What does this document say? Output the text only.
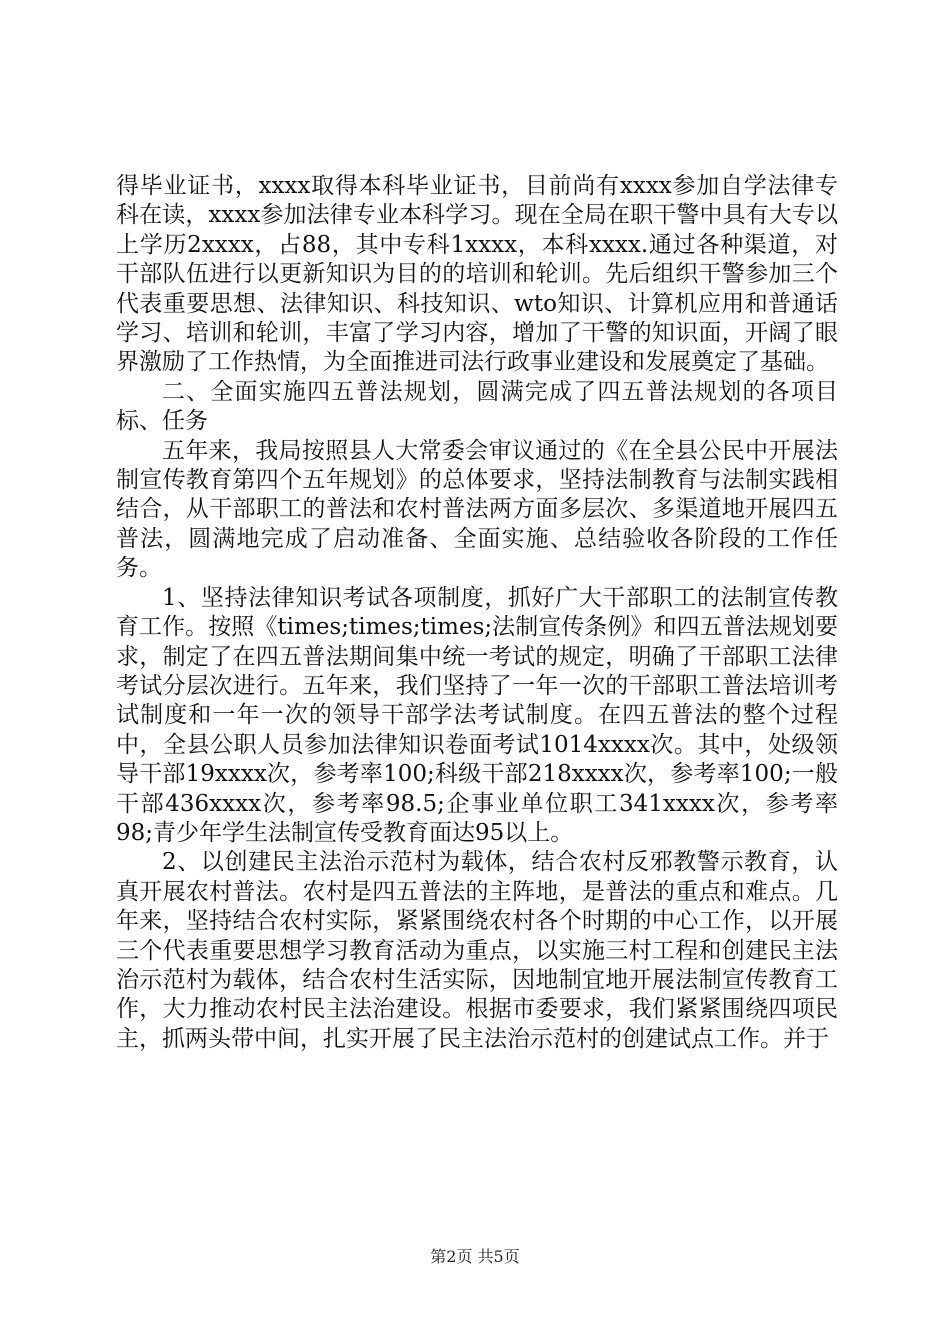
得毕业证书，xxxx取得本科毕业证书，目前尚有xxxx参加自学法律专科在读，xxxx参加法律专业本科学习。现在全局在职干警中具有大专以上学历2xxxx，占88，其中专科1xxxx，本科xxxx.通过各种渠道，对干部队伍进行以更新知识为目的的培训和轮训。先后组织干警参加三个代表重要思想、法律知识、科技知识、wto知识、计算机应用和普通话学习、培训和轮训，丰富了学习内容，增加了干警的知识面，开阔了眼界激励了工作热情，为全面推进司法行政事业建设和发展奠定了基础。

二、全面实施四五普法规划，圆满完成了四五普法规划的各项目标、任务

五年来，我局按照县人大常委会审议通过的《在全县公民中开展法制宣传教育第四个五年规划》的总体要求，坚持法制教育与法制实践相结合，从干部职工的普法和农村普法两方面多层次、多渠道地开展四五普法，圆满地完成了启动准备、全面实施、总结验收各阶段的工作任务。

1、坚持法律知识考试各项制度，抓好广大干部职工的法制宣传教育工作。按照《times;times;times;法制宣传条例》和四五普法规划要求，制定了在四五普法期间集中统一考试的规定，明确了干部职工法律考试分层次进行。五年来，我们坚持了一年一次的干部职工普法培训考试制度和一年一次的领导干部学法考试制度。在四五普法的整个过程中，全县公职人员参加法律知识卷面考试1014xxxx次。其中，处级领导干部19xxxx次，参考率100;科级干部218xxxx次，参考率100;一般干部436xxxx次，参考率98.5;企事业单位职工341xxxx次，参考率98;青少年学生法制宣传受教育面达95以上。

2、以创建民主法治示范村为载体，结合农村反邪教警示教育，认真开展农村普法。农村是四五普法的主阵地，是普法的重点和难点。几年来，坚持结合农村实际，紧紧围绕农村各个时期的中心工作，以开展三个代表重要思想学习教育活动为重点，以实施三村工程和创建民主法治示范村为载体，结合农村生活实际，因地制宜地开展法制宣传教育工作，大力推动农村民主法治建设。根据市委要求，我们紧紧围绕四项民主，抓两头带中间，扎实开展了民主法治示范村的创建试点工作。并于

第2页 共5页
